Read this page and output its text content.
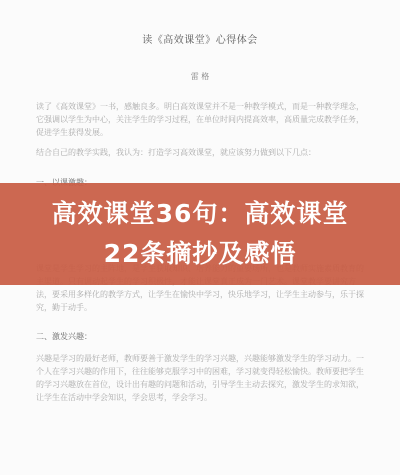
读《高效课堂》心得体会
雷 格
读了《高效课堂》一书，感触良多。明白高效课堂并不是一种教学模式，而是一种教学理念，它强调以学生为中心，关注学生的学习过程，在单位时间内提高效率，高质量完成教学任务，促进学生获得发展。
结合自己的教学实践，我认为：打造学习高效课堂，就应该努力做到以下几点：
法，要采用多样化的教学方式，让学生在愉快中学习，快乐地学习，让学生主动参与，乐于探究，勤于动手。
二、激发兴趣：
兴趣是学习的最好老师，教师要善于激发学生的学习兴趣，兴趣能够激发学生的学习动力。一个人在学习兴趣的作用下，往往能够克服学习中的困难，学习就变得轻松愉快。教师要把学生的学习兴趣放在首位，设计出有趣的问题和活动，引导学生主动去探究，激发学生的求知欲，让学生在活动中学会知识，学会思考，学会学习。
高效课堂36句：高效课堂22条摘抄及感悟
